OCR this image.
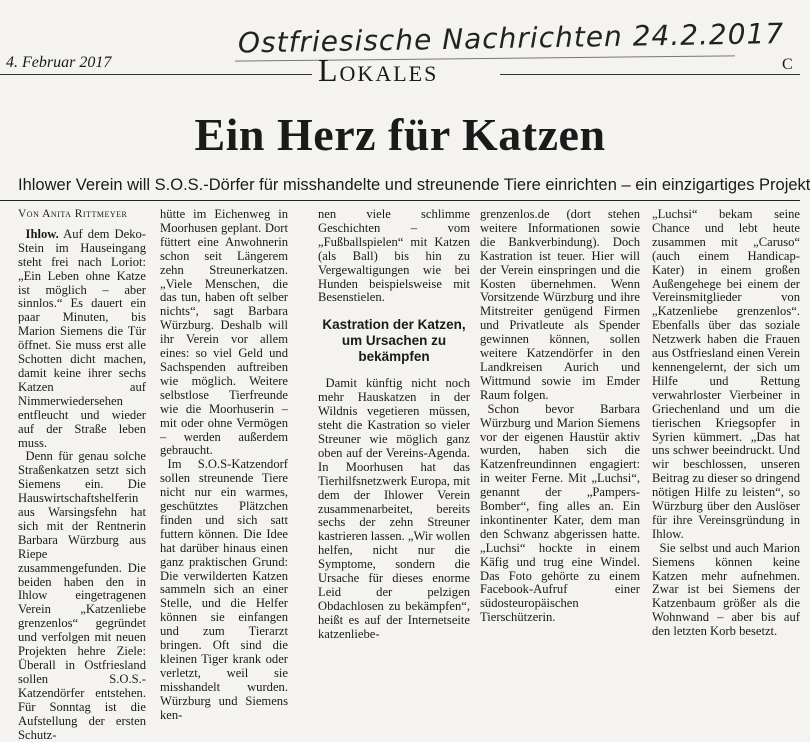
Ostfriesische Nachrichten 24.2.2017
4. Februar 2017	Lokales	C
Ein Herz für Katzen
Ihlower Verein will S.O.S.-Dörfer für misshandelte und streunende Tiere einrichten – ein einzigartiges Projekt

Von Anita Rittmeyer

Ihlow. Auf dem Deko-Stein im Hauseingang steht frei nach Loriot: „Ein Leben ohne Katze ist möglich – aber sinnlos.“ Es dauert ein paar Minuten, bis Marion Siemens die Tür öffnet. Sie muss erst alle Schotten dicht machen, damit keine ihrer sechs Katzen auf Nimmerwiedersehen entfleucht und wieder auf der Straße leben muss.

Denn für genau solche Straßenkatzen setzt sich Siemens ein. Die Hauswirtschaftshelferin aus Warsingsfehn hat sich mit der Rentnerin Barbara Würzburg aus Riepe zusammengefunden. Die beiden haben den in Ihlow eingetragenen Verein „Katzenliebe grenzenlos“ gegründet und verfolgen mit neuen Projekten hehre Ziele: Überall in Ostfriesland sollen S.O.S.-Katzendörfer entstehen. Für Sonntag ist die Aufstellung der ersten Schutz-

hütte im Eichenweg in Moorhusen geplant. Dort füttert eine Anwohnerin schon seit Längerem zehn Streunerkatzen. „Viele Menschen, die das tun, haben oft selber nichts“, sagt Barbara Würzburg. Deshalb will ihr Verein vor allem eines: so viel Geld und Sachspenden auftreiben wie möglich. Weitere selbstlose Tierfreunde wie die Moorhuserin – mit oder ohne Vermögen – werden außerdem gebraucht.

Im S.O.S-Katzendorf sollen streunende Tiere nicht nur ein warmes, geschütztes Plätzchen finden und sich satt futtern können. Die Idee hat darüber hinaus einen ganz praktischen Grund: Die verwilderten Katzen sammeln sich an einer Stelle, und die Helfer können sie einfangen und zum Tierarzt bringen. Oft sind die kleinen Tiger krank oder verletzt, weil sie misshandelt wurden. Würzburg und Siemens ken-

nen viele schlimme Geschichten – vom „Fußballspielen“ mit Katzen (als Ball) bis hin zu Vergewaltigungen wie bei Hunden beispielsweise mit Besenstielen.

Kastration der Katzen, um Ursachen zu bekämpfen

Damit künftig nicht noch mehr Hauskatzen in der Wildnis vegetieren müssen, steht die Kastration so vieler Streuner wie möglich ganz oben auf der Vereins-Agenda. In Moorhusen hat das Tierhilfsnetzwerk Europa, mit dem der Ihlower Verein zusammenarbeitet, bereits sechs der zehn Streuner kastrieren lassen. „Wir wollen helfen, nicht nur die Symptome, sondern die Ursache für dieses enorme Leid der pelzigen Obdachlosen zu bekämpfen“, heißt es auf der Internetseite katzenliebe-

grenzenlos.de (dort stehen weitere Informationen sowie die Bankverbindung). Doch Kastration ist teuer. Hier will der Verein einspringen und die Kosten übernehmen. Wenn Vorsitzende Würzburg und ihre Mitstreiter genügend Firmen und Privatleute als Spender gewinnen können, sollen weitere Katzendörfer in den Landkreisen Aurich und Wittmund sowie im Emder Raum folgen.

Schon bevor Barbara Würzburg und Marion Siemens vor der eigenen Haustür aktiv wurden, haben sich die Katzenfreundinnen engagiert: in weiter Ferne. Mit „Luchsi“, genannt der „Pampers-Bomber“, fing alles an. Ein inkontinenter Kater, dem man den Schwanz abgerissen hatte. „Luchsi“ hockte in einem Käfig und trug eine Windel. Das Foto gehörte zu einem Facebook-Aufruf einer südosteuropäischen Tierschützerin.

„Luchsi“ bekam seine Chance und lebt heute zusammen mit „Caruso“ (auch einem Handicap-Kater) in einem großen Außengehege bei einem der Vereinsmitglieder von „Katzenliebe grenzenlos“. Ebenfalls über das soziale Netzwerk haben die Frauen aus Ostfriesland einen Verein kennengelernt, der sich um Hilfe und Rettung verwahrloster Vierbeiner in Griechenland und um die tierischen Kriegsopfer in Syrien kümmert. „Das hat uns schwer beeindruckt. Und wir beschlossen, unseren Beitrag zu dieser so dringend nötigen Hilfe zu leisten“, so Würzburg über den Auslöser für ihre Vereinsgründung in Ihlow.

Sie selbst und auch Marion Siemens können keine Katzen mehr aufnehmen. Zwar ist bei Siemens der Katzenbaum größer als die Wohnwand – aber bis auf den letzten Korb besetzt.
